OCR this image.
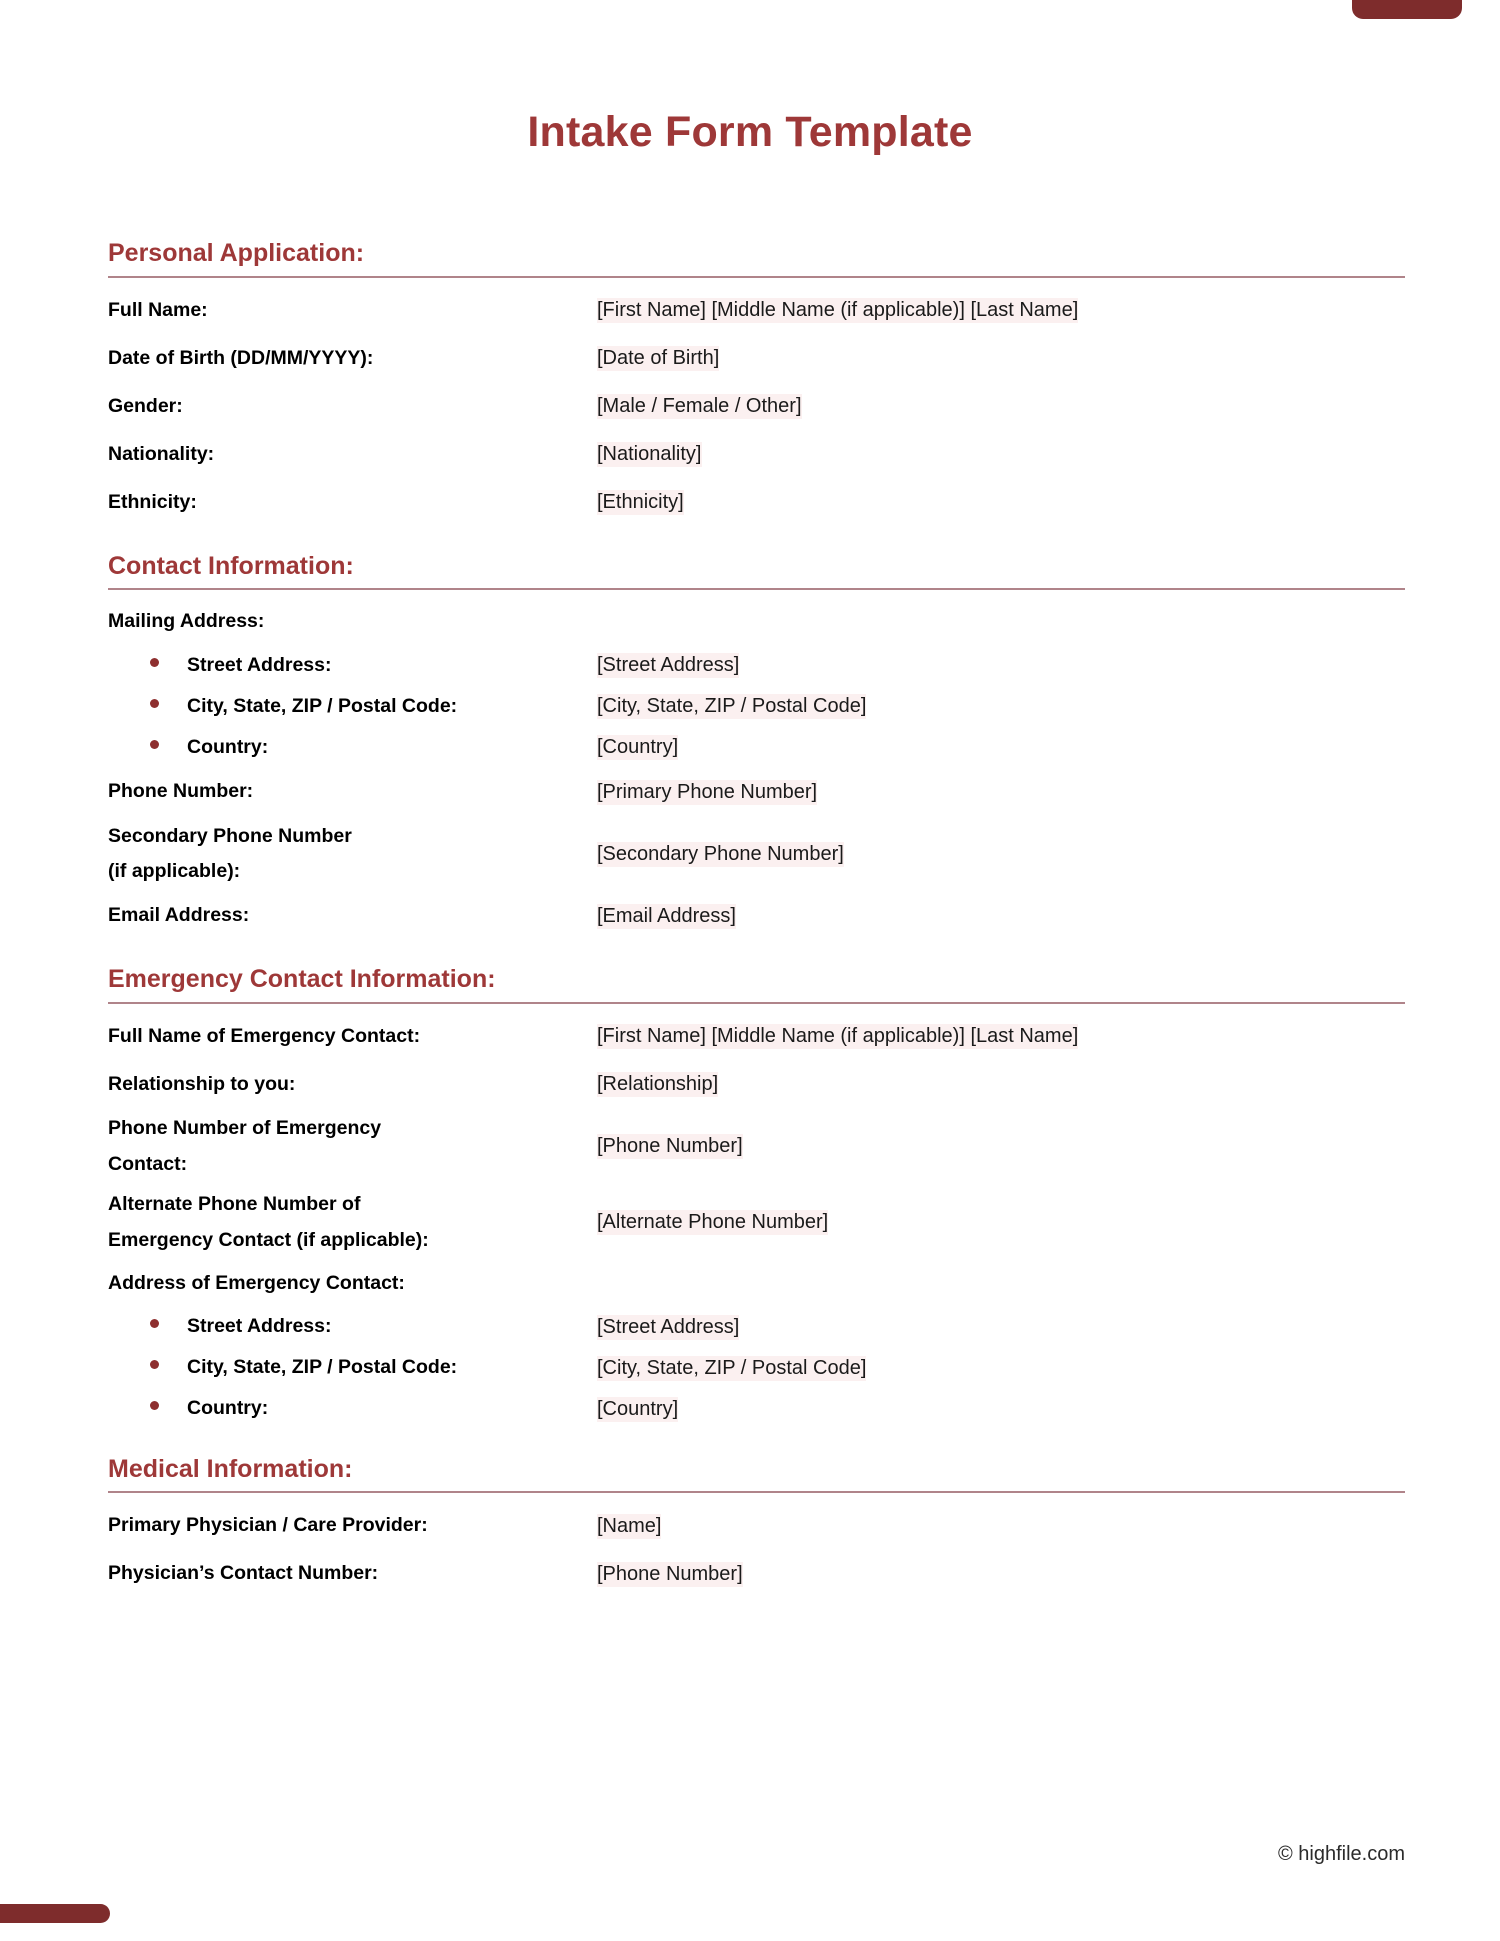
Intake Form Template
Personal Application:
Full Name:	[First Name] [Middle Name (if applicable)] [Last Name]
Date of Birth (DD/MM/YYYY):	[Date of Birth]
Gender:	[Male / Female / Other]
Nationality:	[Nationality]
Ethnicity:	[Ethnicity]
Contact Information:
Mailing Address:
Street Address:	[Street Address]
City, State, ZIP / Postal Code:	[City, State, ZIP / Postal Code]
Country:	[Country]
Phone Number:	[Primary Phone Number]
Secondary Phone Number
(if applicable):
[Secondary Phone Number]
Email Address:	[Email Address]
Emergency Contact Information:
Full Name of Emergency Contact:	[First Name] [Middle Name (if applicable)] [Last Name]
Relationship to you:	[Relationship]
Phone Number of Emergency
Contact:
[Phone Number]
Alternate Phone Number of
Emergency Contact (if applicable):
[Alternate Phone Number]
Address of Emergency Contact:
Street Address:	[Street Address]
City, State, ZIP / Postal Code:	[City, State, ZIP / Postal Code]
Country:	[Country]
Medical Information:
Primary Physician / Care Provider:	[Name]
Physician’s Contact Number:	[Phone Number]
© highfile.com
